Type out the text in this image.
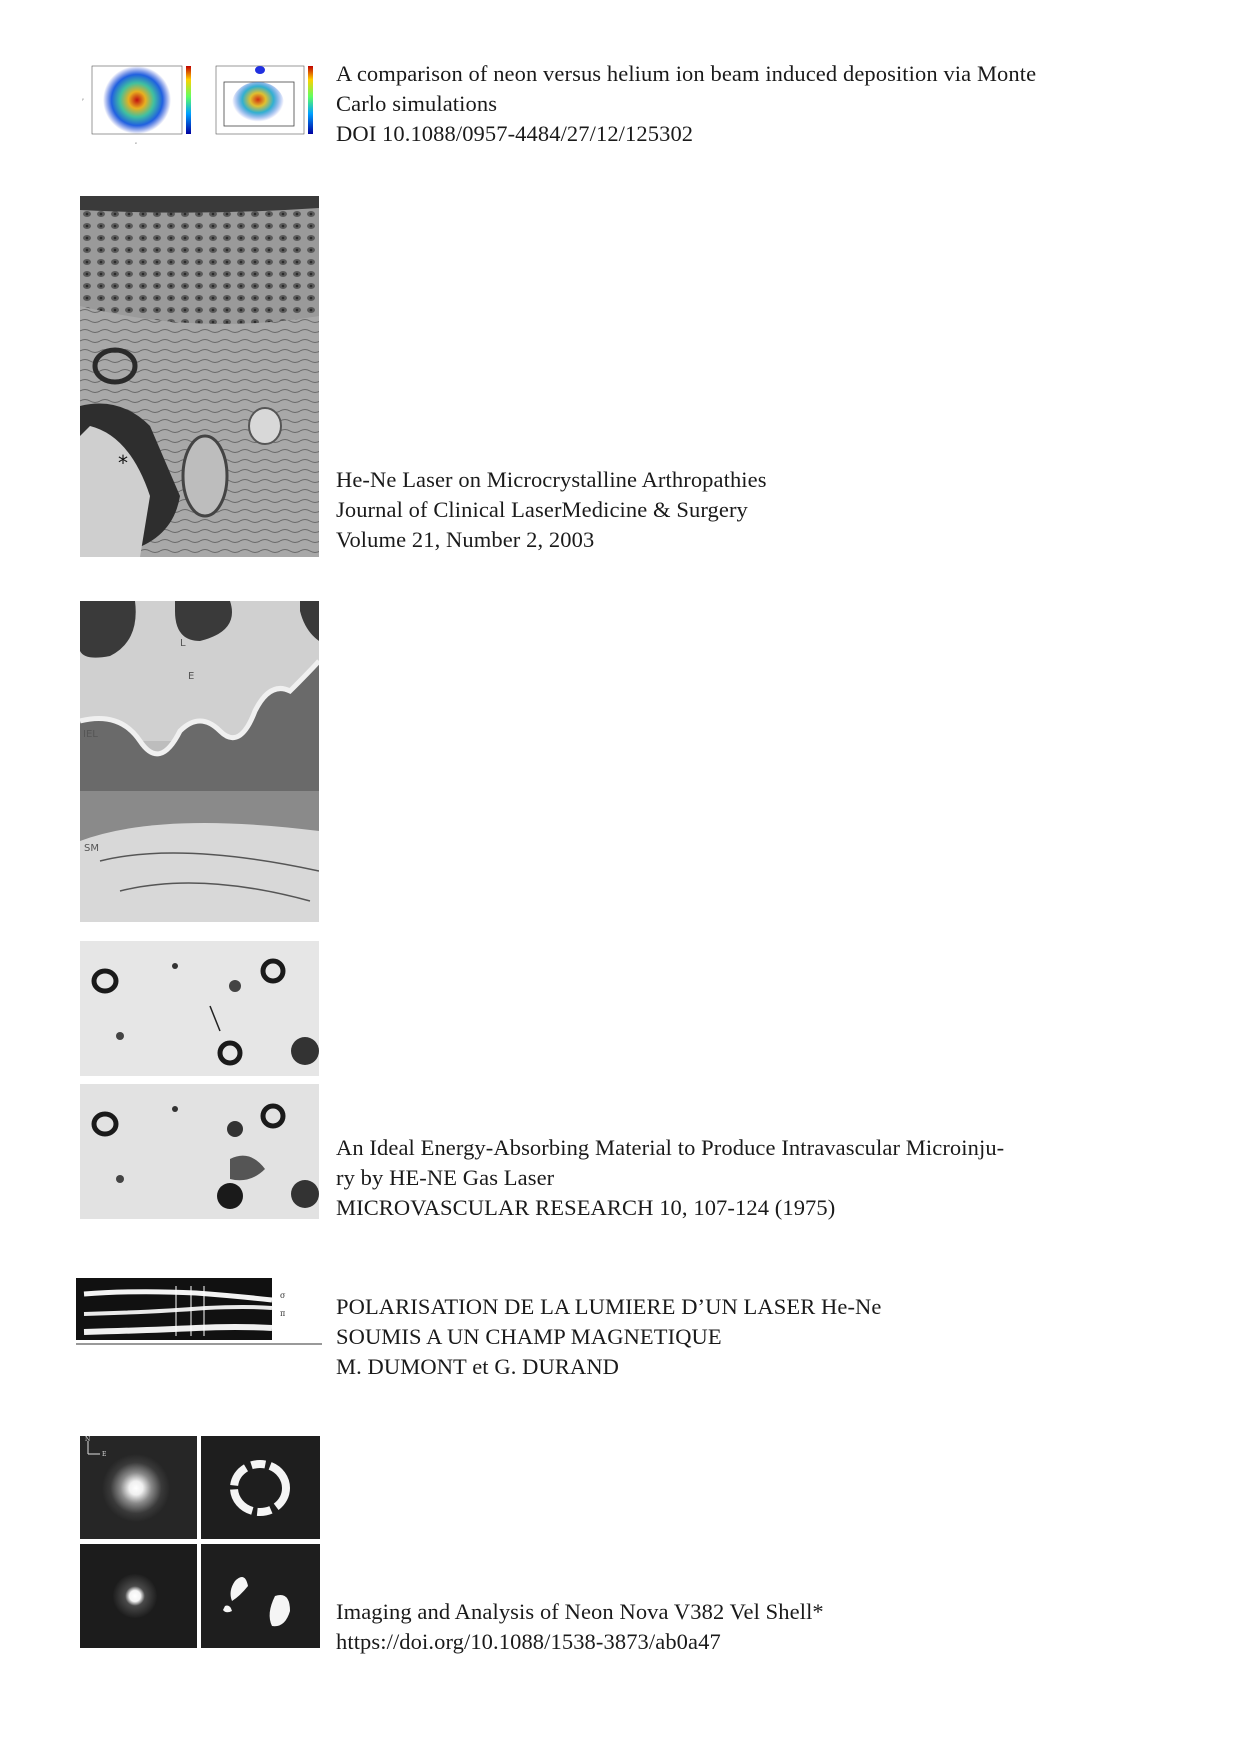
y
x
A comparison of neon versus helium ion beam induced deposition via Monte
Carlo simulations
DOI 10.1088/0957-4484/27/12/125302
*
He-Ne Laser on Microcrystalline Arthropathies
Journal of Clinical LaserMedicine & Surgery
Volume 21, Number 2, 2003
L
E
IEL
SM
An Ideal Energy-Absorbing Material to Produce Intravascular Microinju-
ry by HE-NE Gas Laser
MICROVASCULAR RESEARCH 10, 107-124 (1975)
σ
π POLARISATION DE LA LUMIERE D’UN LASER He-Ne
SOUMIS A UN CHAMP MAGNETIQUE
M. DUMONT et G. DURAND
N
E
Imaging and Analysis of Neon Nova V382 Vel Shell*
https://doi.org/10.1088/1538-3873/ab0a47
